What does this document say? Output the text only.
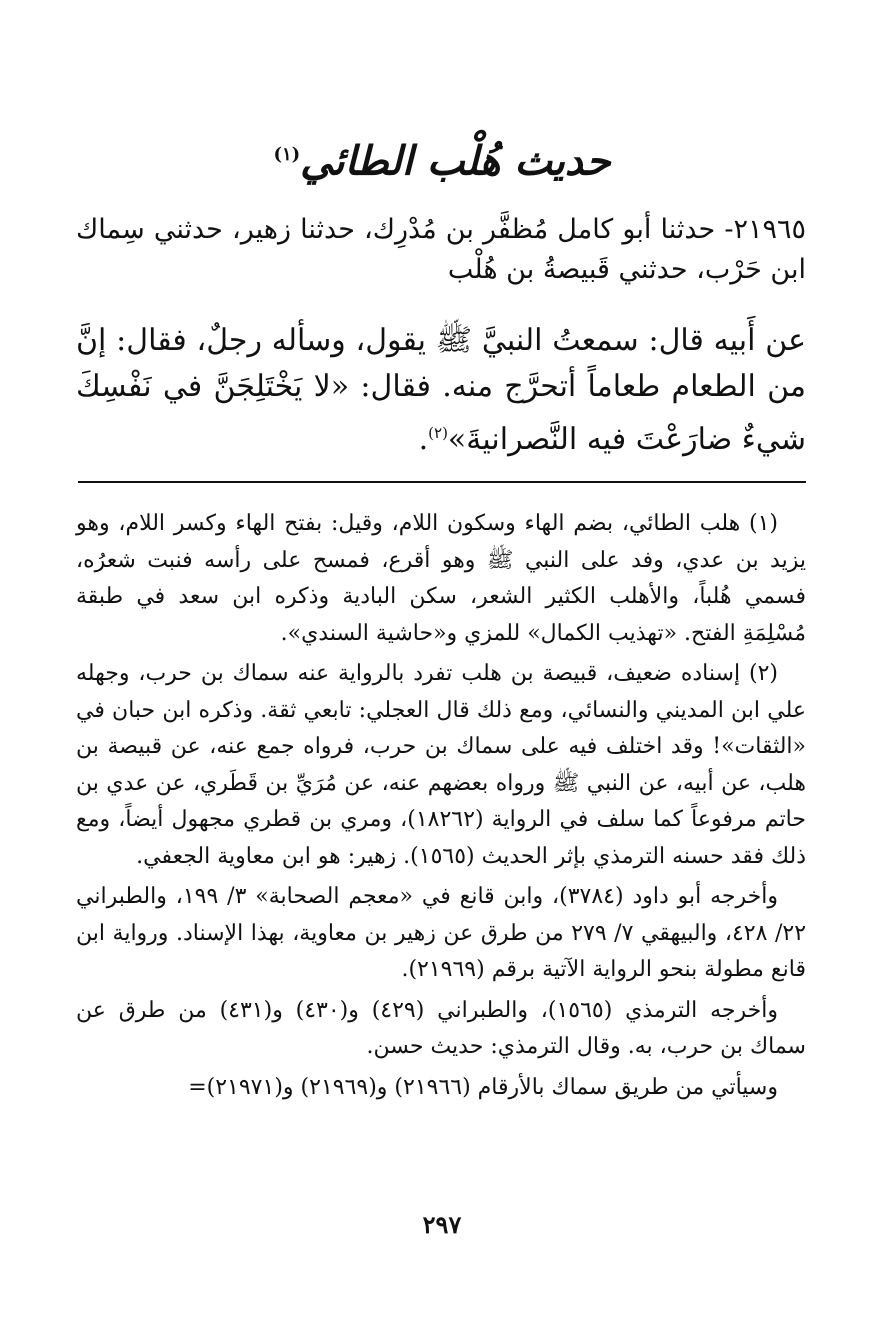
حديث هُلْب الطائي$^{(١)}$
٢١٩٦٥- حدثنا أبو كامل مُظفَّر بن مُدْرِك، حدثنا زهير، حدثني سِماك ابن حَرْب، حدثني قَبيصةُ بن هُلْب
عن أَبيه قال: سمعتُ النبيَّ ﷺ يقول، وسأله رجلٌ، فقال: إنَّ من الطعام طعاماً أتحرَّج منه. فقال: «لا يَخْتَلِجَنَّ في نَفْسِكَ شيءٌ ضارَعْتَ فيه النَّصرانيةَ»$^{(٢)}$.

(١) هلب الطائي، بضم الهاء وسكون اللام، وقيل: بفتح الهاء وكسر اللام، وهو يزيد بن عدي، وفد على النبي ﷺ وهو أقرع، فمسح على رأسه فنبت شعرُه، فسمي هُلباً، والأهلب الكثير الشعر، سكن البادية وذكره ابن سعد في طبقة مُسْلِمَةِ الفتح. «تهذيب الكمال» للمزي و«حاشية السندي».

(٢) إسناده ضعيف، قبيصة بن هلب تفرد بالرواية عنه سماك بن حرب، وجهله علي ابن المديني والنسائي، ومع ذلك قال العجلي: تابعي ثقة. وذكره ابن حبان في «الثقات»! وقد اختلف فيه على سماك بن حرب، فرواه جمع عنه، عن قبيصة بن هلب، عن أبيه، عن النبي ﷺ ورواه بعضهم عنه، عن مُرَيِّ بن قَطَري، عن عدي بن حاتم مرفوعاً كما سلف في الرواية (١٨٢٦٢)، ومري بن قطري مجهول أيضاً، ومع ذلك فقد حسنه الترمذي بإثر الحديث (١٥٦٥). زهير: هو ابن معاوية الجعفي.

وأخرجه أبو داود (٣٧٨٤)، وابن قانع في «معجم الصحابة» ٣/ ١٩٩، والطبراني ٢٢/ ٤٢٨، والبيهقي ٧/ ٢٧٩ من طرق عن زهير بن معاوية، بهذا الإسناد. ورواية ابن قانع مطولة بنحو الرواية الآتية برقم (٢١٩٦٩).

وأخرجه الترمذي (١٥٦٥)، والطبراني (٤٢٩) و(٤٣٠) و(٤٣١) من طرق عن سماك بن حرب، به. وقال الترمذي: حديث حسن.

وسيأتي من طريق سماك بالأرقام (٢١٩٦٦) و(٢١٩٦٩) و(٢١٩٧١)=

٢٩٧
